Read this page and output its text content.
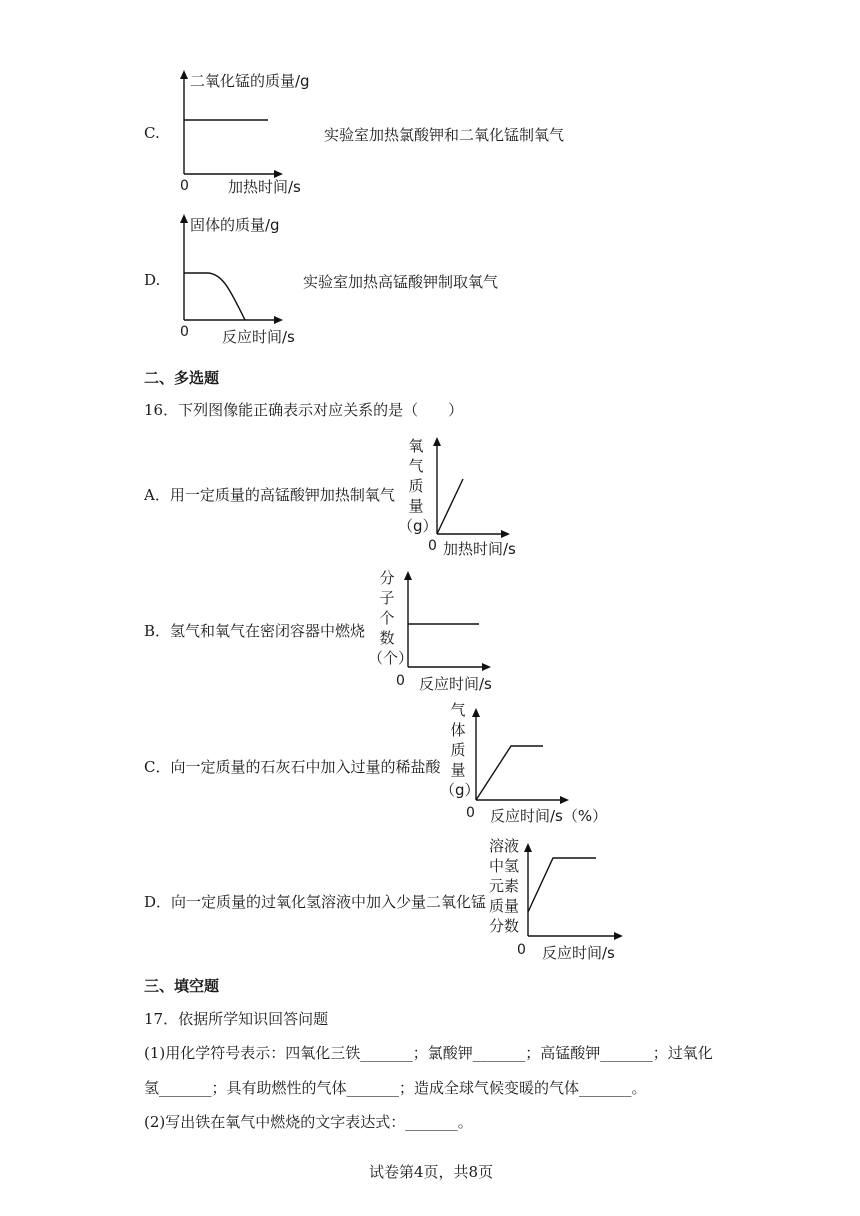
C.
二氧化锰的质量/g
0	加热时间/s
实验室加热氯酸钾和二氧化锰制氧气
D.
固体的质量/g
0 反应时间/s
实验室加热高锰酸钾制取氧气
二、多选题
16．下列图像能正确表示对应关系的是（　　）
A．用一定质量的高锰酸钾加热制氧气
氧
气
质
量
（g）
0 加热时间/s
B．氢气和氧气在密闭容器中燃烧
分
子
个
数
（个）
0 反应时间/s
C．向一定质量的石灰石中加入过量的稀盐酸
气
体
质
量
（g）
0 反应时间/s（%）
D．向一定质量的过氧化氢溶液中加入少量二氧化锰
溶液
中氢
元素
质量
分数
0 反应时间/s
三、填空题
17．依据所学知识回答问题
(1)用化学符号表示：四氧化三铁_______；氯酸钾_______；高锰酸钾_______；过氧化
氢_______；具有助燃性的气体_______；造成全球气候变暖的气体_______。
(2)写出铁在氧气中燃烧的文字表达式：_______。
试卷第4页，共8页
